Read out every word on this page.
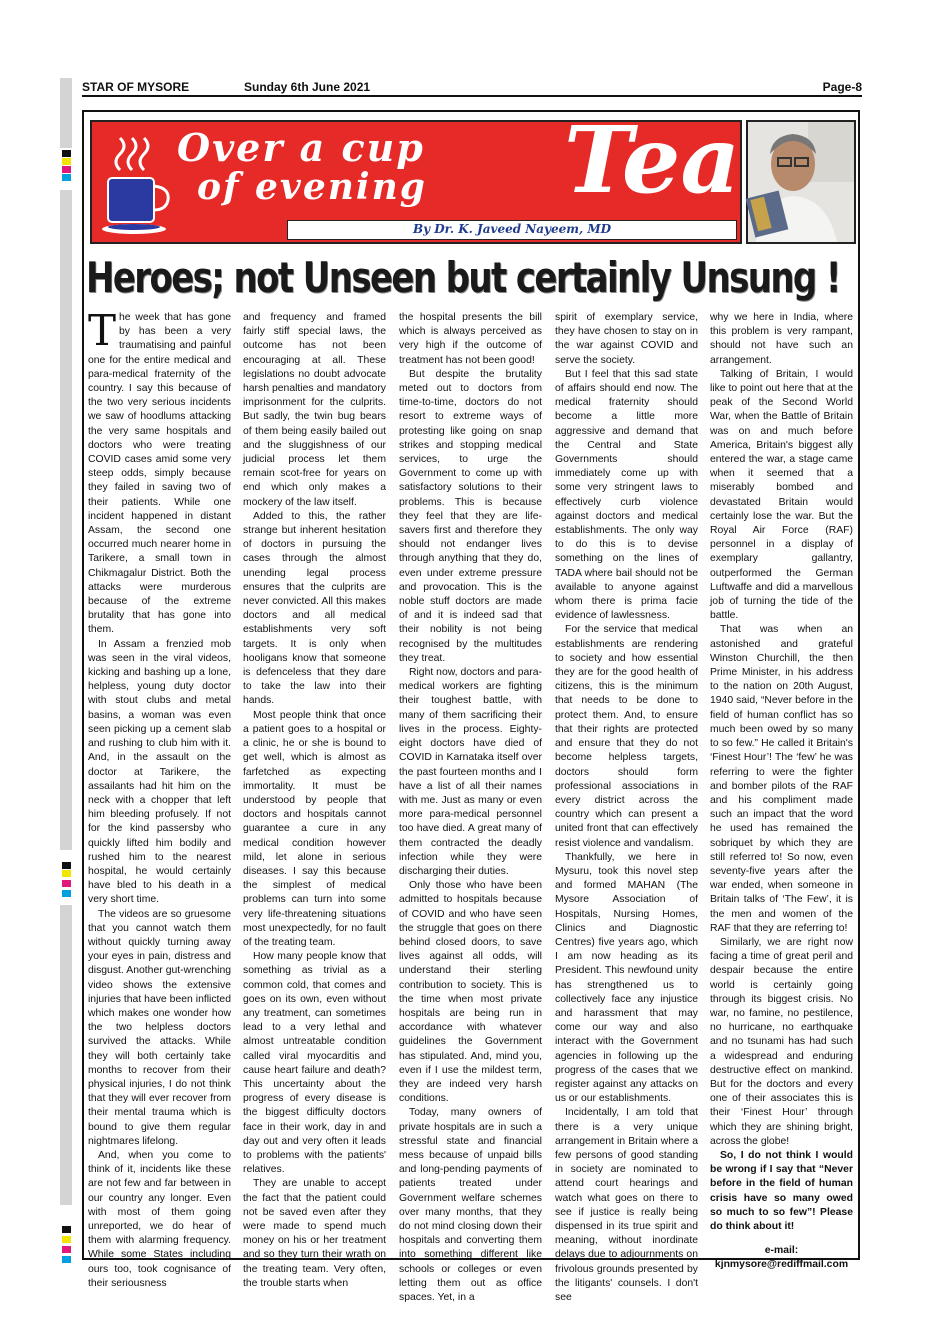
STAR OF MYSORE	Sunday 6th June 2021	Page-8
Over a cup
of evening Tea
By Dr. K. Javeed Nayeem, MD
Heroes; not Unseen but certainly Unsung !

The week that has gone by has been a very traumatising and painful one for the entire medical and para-medical fraternity of the country. I say this because of the two very serious incidents we saw of hoodlums attacking the very same hospitals and doctors who were treating COVID cases amid some very steep odds, simply because they failed in saving two of their patients. While one incident happened in distant Assam, the second one occurred much nearer home in Tarikere, a small town in Chikmagalur District. Both the attacks were murderous because of the extreme brutality that has gone into them.

In Assam a frenzied mob was seen in the viral videos, kicking and bashing up a lone, helpless, young duty doctor with stout clubs and metal basins, a woman was even seen picking up a cement slab and rushing to club him with it. And, in the assault on the doctor at Tarikere, the assailants had hit him on the neck with a chopper that left him bleeding profusely. If not for the kind passersby who quickly lifted him bodily and rushed him to the nearest hospital, he would certainly have bled to his death in a very short time.

The videos are so gruesome that you cannot watch them without quickly turning away your eyes in pain, distress and disgust. Another gut-wrenching video shows the extensive injuries that have been inflicted which makes one wonder how the two helpless doctors survived the attacks. While they will both certainly take months to recover from their physical injuries, I do not think that they will ever recover from their mental trauma which is bound to give them regular nightmares lifelong.

And, when you come to think of it, incidents like these are not few and far between in our country any longer. Even with most of them going unreported, we do hear of them with alarming frequency. While some States including ours too, took cognisance of their seriousness

and frequency and framed fairly stiff special laws, the outcome has not been encouraging at all. These legislations no doubt advocate harsh penalties and mandatory imprisonment for the culprits. But sadly, the twin bug bears of them being easily bailed out and the sluggishness of our judicial process let them remain scot-free for years on end which only makes a mockery of the law itself.

Added to this, the rather strange but inherent hesitation of doctors in pursuing the cases through the almost unending legal process ensures that the culprits are never convicted. All this makes doctors and all medical establishments very soft targets. It is only when hooligans know that someone is defenceless that they dare to take the law into their hands.

Most people think that once a patient goes to a hospital or a clinic, he or she is bound to get well, which is almost as farfetched as expecting immortality. It must be understood by people that doctors and hospitals cannot guarantee a cure in any medical condition however mild, let alone in serious diseases. I say this because the simplest of medical problems can turn into some very life-threatening situations most unexpectedly, for no fault of the treating team.

How many people know that something as trivial as a common cold, that comes and goes on its own, even without any treatment, can sometimes lead to a very lethal and almost untreatable condition called viral myocarditis and cause heart failure and death? This uncertainty about the progress of every disease is the biggest difficulty doctors face in their work, day in and day out and very often it leads to problems with the patients' relatives.

They are unable to accept the fact that the patient could not be saved even after they were made to spend much money on his or her treatment and so they turn their wrath on the treating team. Very often, the trouble starts when

the hospital presents the bill which is always perceived as very high if the outcome of treatment has not been good!

But despite the brutality meted out to doctors from time-to-time, doctors do not resort to extreme ways of protesting like going on snap strikes and stopping medical services, to urge the Government to come up with satisfactory solutions to their problems. This is because they feel that they are life-savers first and therefore they should not endanger lives through anything that they do, even under extreme pressure and provocation. This is the noble stuff doctors are made of and it is indeed sad that their nobility is not being recognised by the multitudes they treat.

Right now, doctors and para-medical workers are fighting their toughest battle, with many of them sacrificing their lives in the process. Eighty-eight doctors have died of COVID in Karnataka itself over the past fourteen months and I have a list of all their names with me. Just as many or even more para-medical personnel too have died. A great many of them contracted the deadly infection while they were discharging their duties.

Only those who have been admitted to hospitals because of COVID and who have seen the struggle that goes on there behind closed doors, to save lives against all odds, will understand their sterling contribution to society. This is the time when most private hospitals are being run in accordance with whatever guidelines the Government has stipulated. And, mind you, even if I use the mildest term, they are indeed very harsh conditions.

Today, many owners of private hospitals are in such a stressful state and financial mess because of unpaid bills and long-pending payments of patients treated under Government welfare schemes over many months, that they do not mind closing down their hospitals and converting them into something different like schools or colleges or even letting them out as office spaces. Yet, in a

spirit of exemplary service, they have chosen to stay on in the war against COVID and serve the society.

But I feel that this sad state of affairs should end now. The medical fraternity should become a little more aggressive and demand that the Central and State Governments should immediately come up with some very stringent laws to effectively curb violence against doctors and medical establishments. The only way to do this is to devise something on the lines of TADA where bail should not be available to anyone against whom there is prima facie evidence of lawlessness.

For the service that medical establishments are rendering to society and how essential they are for the good health of citizens, this is the minimum that needs to be done to protect them. And, to ensure that their rights are protected and ensure that they do not become helpless targets, doctors should form professional associations in every district across the country which can present a united front that can effectively resist violence and vandalism.

Thankfully, we here in Mysuru, took this novel step and formed MAHAN (The Mysore Association of Hospitals, Nursing Homes, Clinics and Diagnostic Centres) five years ago, which I am now heading as its President. This newfound unity has strengthened us to collectively face any injustice and harassment that may come our way and also interact with the Government agencies in following up the progress of the cases that we register against any attacks on us or our establishments.

Incidentally, I am told that there is a very unique arrangement in Britain where a few persons of good standing in society are nominated to attend court hearings and watch what goes on there to see if justice is really being dispensed in its true spirit and meaning, without inordinate delays due to adjournments on frivolous grounds presented by the litigants' counsels. I don't see

why we here in India, where this problem is very rampant, should not have such an arrangement.

Talking of Britain, I would like to point out here that at the peak of the Second World War, when the Battle of Britain was on and much before America, Britain's biggest ally entered the war, a stage came when it seemed that a miserably bombed and devastated Britain would certainly lose the war. But the Royal Air Force (RAF) personnel in a display of exemplary gallantry, outperformed the German Luftwaffe and did a marvellous job of turning the tide of the battle.

That was when an astonished and grateful Winston Churchill, the then Prime Minister, in his address to the nation on 20th August, 1940 said, “Never before in the field of human conflict has so much been owed by so many to so few.” He called it Britain's ‘Finest Hour’! The ‘few’ he was referring to were the fighter and bomber pilots of the RAF and his compliment made such an impact that the word he used has remained the sobriquet by which they are still referred to! So now, even seventy-five years after the war ended, when someone in Britain talks of ‘The Few’, it is the men and women of the RAF that they are referring to!

Similarly, we are right now facing a time of great peril and despair because the entire world is certainly going through its biggest crisis. No war, no famine, no pestilence, no hurricane, no earthquake and no tsunami has had such a widespread and enduring destructive effect on mankind. But for the doctors and every one of their associates this is their ‘Finest Hour’ through which they are shining bright, across the globe!

So, I do not think I would be wrong if I say that “Never before in the field of human crisis have so many owed so much to so few”! Please do think about it!

e-mail:
kjnmysore@rediffmail.com
